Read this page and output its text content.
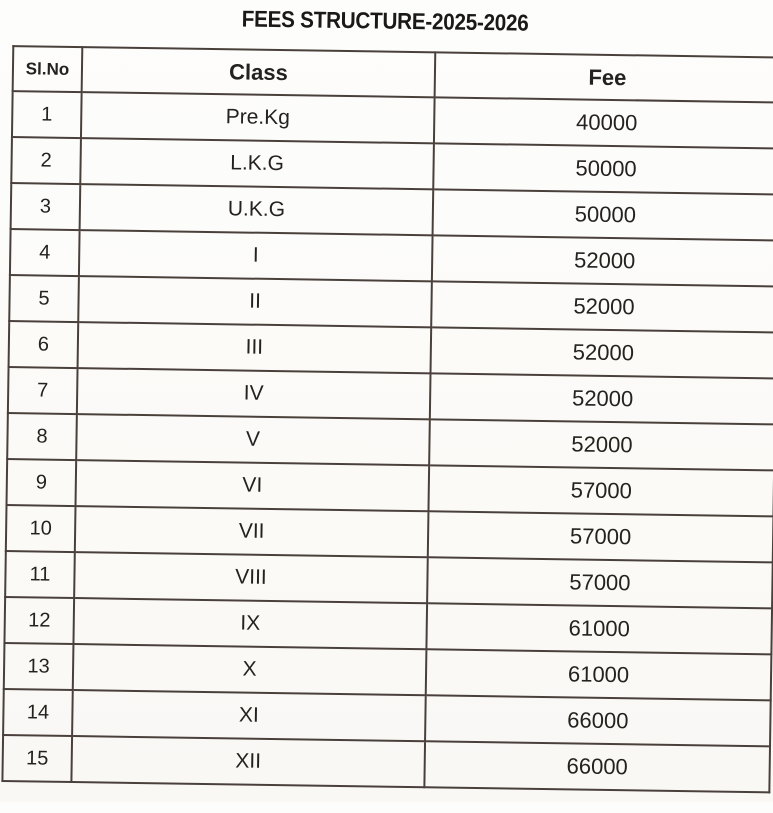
FEES STRUCTURE-2025-2026
Sl.No	Class	Fee
1	Pre.Kg	40000
2	L.K.G	50000
3	U.K.G	50000
4	I	52000
5	II	52000
6	III	52000
7	IV	52000
8	V	52000
9	VI	57000
10	VII	57000
11	VIII	57000
12	IX	61000
13	X	61000
14	XI	66000
15	XII	66000
